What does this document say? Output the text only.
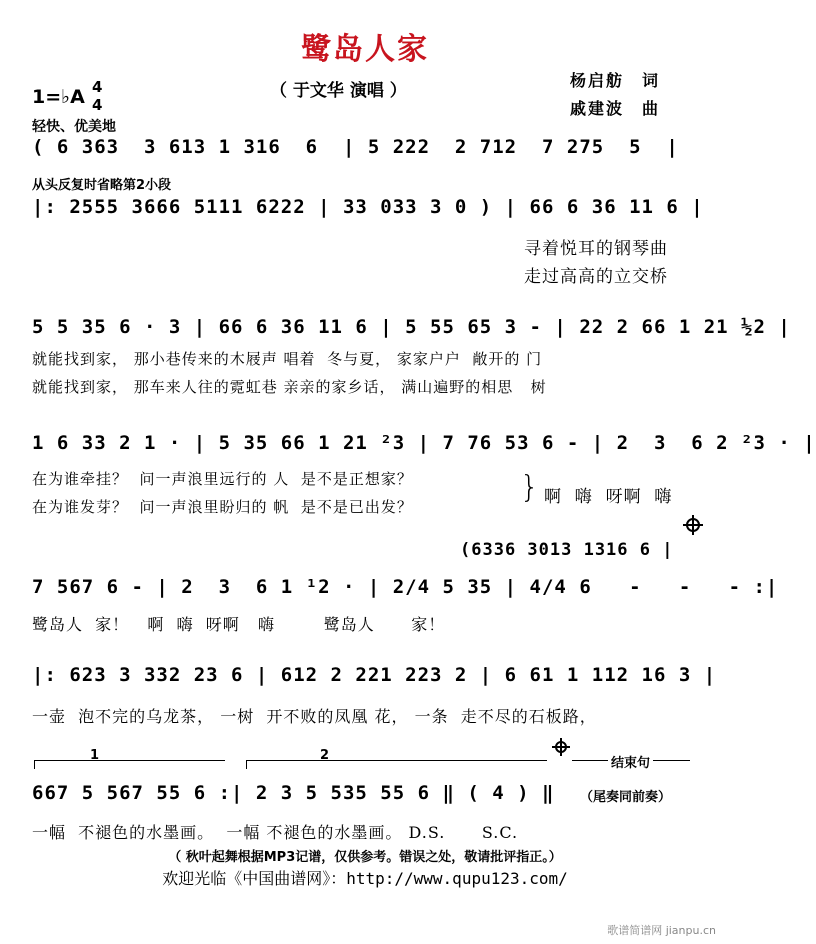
鹭岛人家
（ 于文华 演唱 ）
杨启舫　词
戚建波　曲
1=♭A 4
4
轻快、优美地
( 6 363  3 613 1 316  6  | 5 222  2 712  7 275  5  |
从头反复时省略第2小段
|: 2555 3666 5111 6222 | 33 033 3 0 ) | 66 6 36 11 6 |
寻着悦耳的钢琴曲
走过高高的立交桥
5 5 35 6 · 3 | 66 6 36 11 6 | 5 55 65 3 - | 22 2 66 1 21 ½2 |
就能找到家， 那小巷传来的木屐声 唱着  冬与夏， 家家户户  敞开的 门
就能找到家， 那车来人往的霓虹巷 亲亲的家乡话， 满山遍野的相思   树
1 6 33 2 1 · | 5 35 66 1 21 ²3 | 7 76 53 6 - | 2  3  6 2 ²3 · |
在为谁牵挂？  问一声浪里远行的 人  是不是正想家？
在为谁发芽？  问一声浪里盼归的 帆  是不是已出发？
} 啊  嗨  呀啊  嗨
(6336 3013 1316 6 |
7 567 6 - | 2  3  6 1 ¹2 · | 2/4 5 35 | 4/4 6   -   -   - :|
鹭岛人  家！   啊  嗨  呀啊   嗨        鹭岛人      家！
|: 623 3 332 23 6 | 612 2 221 223 2 | 6 61 1 112 16 3 |
一壶  泡不完的乌龙茶， 一树  开不败的凤凰 花， 一条  走不尽的石板路，
1	2
结束句
667 5 567 55 6 :| 2 3 5 535 55 6 ‖ ( 4 ) ‖ （尾奏同前奏）
一幅  不褪色的水墨画。  一幅 不褪色的水墨画。 D.S.      S.C.
（ 秋叶起舞根据MP3记谱，仅供参考。错误之处，敬请批评指正。）
欢迎光临《中国曲谱网》：http://www.qupu123.com/
歌谱简谱网 jianpu.cn
